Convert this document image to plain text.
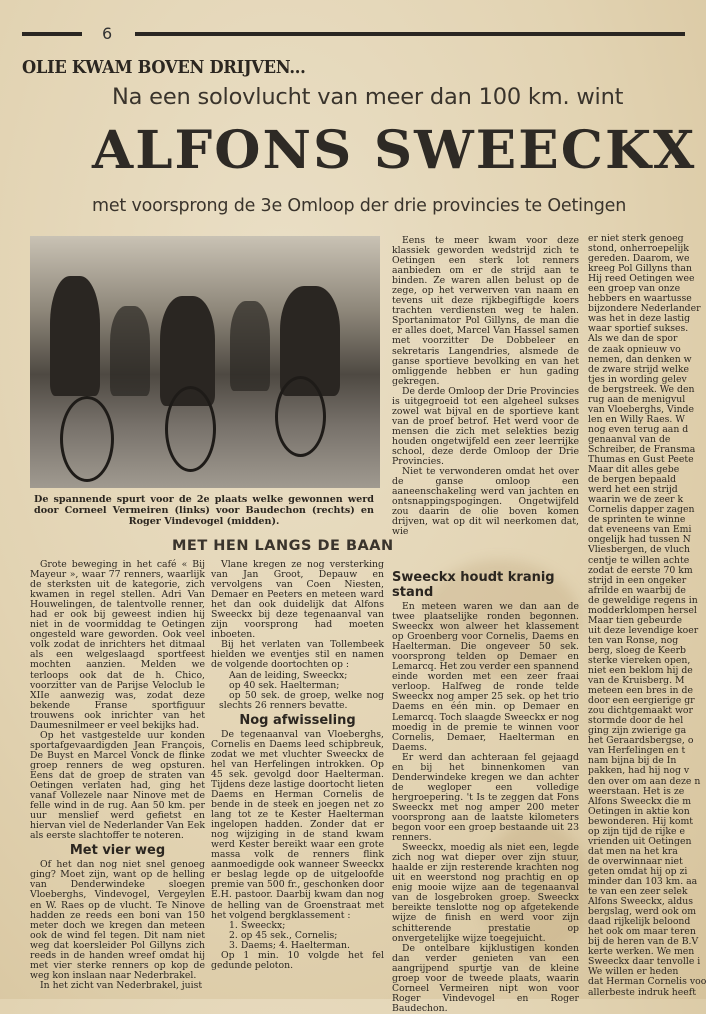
6
OLIE KWAM BOVEN DRIJVEN...
Na een solovlucht van meer dan 100 km. wint
ALFONS SWEECKX
met voorsprong de 3e Omloop der drie provincies te Oetingen
De spannende spurt voor de 2e plaats welke gewonnen werd door Corneel Vermeiren (links) voor Baudechon (rechts) en Roger Vindevogel (midden).
MET HEN LANGS DE BAAN

Grote beweging in het café « Bij Mayeur », waar 77 renners, waarlijk de sterksten uit de kategorie, zich kwamen in regel stellen. Adri Van Houwelingen, de talentvolle renner, had er ook bij geweest indien hij niet in de voormiddag te Oetingen ongesteld ware geworden. Ook veel volk zodat de inrichters het ditmaal als een welgeslaagd sportfeest mochten aanzien. Melden we terloops ook dat de h. Chico, voorzitter van de Parijse Veloclub le XIIe aanwezig was, zodat deze bekende Franse sportfiguur trouwens ook inrichter van het Daumesnilmeer er veel bekijks had.

Op het vastgestelde uur konden sportafgevaardigden Jean François, De Buyst en Marcel Vonck de flinke groep renners de weg opsturen. Eens dat de groep de straten van Oetingen verlaten had, ging het vanaf Vollezele naar Ninove met de felle wind in de rug. Aan 50 km. per uur menslief werd gefietst en hiervan viel de Nederlander Van Eek als eerste slachtoffer te noteren.

Met vier weg

Of het dan nog niet snel genoeg ging? Moet zijn, want op de helling van Denderwindeke sloegen Vloeberghs, Vindevogel, Vergeylen en W. Raes op de vlucht. Te Ninove hadden ze reeds een boni van 150 meter doch we kregen dan meteen ook de wind fel tegen. Dit nam niet weg dat koersleider Pol Gillyns zich reeds in de handen wreef omdat hij met vier sterke renners op kop de weg kon inslaan naar Nederbrakel.

In het zicht van Nederbrakel, juist

Vlane kregen ze nog versterking van Jan Groot, Depauw en vervolgens van Coen Niesten, Demaer en Peeters en meteen ward het dan ook duidelijk dat Alfons Sweeckx bij deze tegenaanval van zijn voorsprong had moeten inboeten.

Bij het verlaten van Tollembeek hielden we eventjes stil en namen de volgende doortochten op :

Aan de leiding, Sweeckx;

op 40 sek. Haelterman;

op 50 sek. de groep, welke nog slechts 26 renners bevatte.

Nog afwisseling

De tegenaanval van Vloeberghs, Cornelis en Daems leed schipbreuk, zodat we met vluchter Sweeckx de hel van Herfelingen introkken. Op 45 sek. gevolgd door Haelterman. Tijdens deze lastige doortocht lieten Daems en Herman Cornelis de bende in de steek en joegen net zo lang tot ze te Kester Haelterman ingelopen hadden. Zonder dat er nog wijziging in de stand kwam werd Kester bereikt waar een grote massa volk de renners flink aanmoedigde ook wanneer Sweeckx er beslag legde op de uitgeloofde premie van 500 fr., geschonken door E.H. pastoor. Daarbij kwam dan nog de helling van de Groenstraat met het volgend bergklassement :

1. Sweeckx;

2. op 45 sek., Cornelis;

3. Daems; 4. Haelterman.

Op 1 min. 10 volgde het fel gedunde peloton.

Eens te meer kwam voor deze klassiek geworden wedstrijd zich te Oetingen een sterk lot renners aanbieden om er de strijd aan te binden. Ze waren allen belust op de zege, op het verwerven van naam en tevens uit deze rijkbegiftigde koers trachten verdiensten weg te halen. Sportanimator Pol Gillyns, de man die er alles doet, Marcel Van Hassel samen met voorzitter De Dobbeleer en sekretaris Langendries, alsmede de ganse sportieve bevolking en van het omliggende hebben er hun gading gekregen.

De derde Omloop der Drie Provincies is uitgegroeid tot een algeheel sukses zowel wat bijval en de sportieve kant van de proef betrof. Het werd voor de mensen die zich met selekties bezig houden ongetwijfeld een zeer leerrijke school, deze derde Omloop der Drie Provincies.

Niet te verwonderen omdat het over de ganse omloop een aaneenschakeling werd van jachten en ontsnappingspogingen. Ongetwijfeld zou daarin de olie boven komen drijven, wat op dit wil neerkomen dat, wie

Sweeckx houdt kranig stand

En meteen waren we dan aan de twee plaatselijke ronden begonnen. Sweeckx won alweer het klassement op Groenberg voor Cornelis, Daems en Haelterman. Die ongeveer 50 sek. voorsprong telden op Demaer en Lemarcq. Het zou verder een spannend einde worden met een zeer fraai verloop. Halfweg de ronde telde Sweeckx nog amper 25 sek. op het trio Daems en één min. op Demaer en Lemarcq. Toch slaagde Sweeckx er nog moedig in de premie te winnen voor Cornelis, Demaer, Haelterman en Daems.

Er werd dan achteraan fel gejaagd en bij het binnenkomen van Denderwindeke kregen we dan achter de wegloper een volledige hergroepering. 't Is te zeggen dat Fons Sweeckx met nog amper 200 meter voorsprong aan de laatste kilometers begon voor een groep bestaande uit 23 renners.

Sweeckx, moedig als niet een, legde zich nog wat dieper over zijn stuur, haalde er zijn resterende krachten nog uit en weerstond nog prachtig en op enig mooie wijze aan de tegenaanval van de losgebroken groep. Sweeckx bereikte tenslotte nog op afgetekende wijze de finish en werd voor zijn schitterende prestatie op onvergetelijke wijze toegejuicht.

De ontelbare kijklustigen konden dan verder genieten van een aangrijpend spurtje van de kleine groep voor de tweede plaats, waarin Corneel Vermeiren nipt won voor Roger Vindevogel en Roger Baudechon.

er niet sterk genoeg
stond, onherroepelijk
gereden. Daarom, we
kreeg Pol Gillyns than
Hij reed Oetingen wee
een groep van onze
hebbers en waartusse
bijzondere Nederlander
was het in deze lastig
waar sportief sukses.
Als we dan de spor
de zaak opnieuw vo
nemen, dan denken w
de zware strijd welke
tjes in wording gelev
de bergstreek. We den
rug aan de menigvul
van Vloeberghs, Vinde
len en Willy Raes. W
nog even terug aan d
genaanval van de
Schreiber, de Fransma
Thumas en Gust Peete
Maar dit alles gebe
de bergen bepaald
werd het een strijd
waarin we de zeer k
Cornelis dapper zagen
de sprinten te winne
dat eveneens van Emi
ongelijk had tussen N
Vliesbergen, de vluch
centje te willen achte
zodat de eerste 70 km
strijd in een ongeker
afrilde en waarbij de
de geweldige regens in
modderklompen hersel
Maar tien gebeurde
uit deze levendige koer
ten van Ronse, nog
berg, sloeg de Keerb
sterke viereken open,
niet een beklom hij de
van de Kruisberg. M
meteen een bres in de
door een eergierige gr
zou dichtgemaakt wor
stormde door de hel
ging zijn zwierige ga
het Geraardsbergse, o
van Herfelingen en t
nam bijna bij de In
pakken, had hij nog v
den over om aan deze n
weerstaan. Het is ze
Alfons Sweeckx die m
Oetingen in aktie kon
bewonderen. Hij komt
op zijn tijd de rijke e
vrienden uit Oetingen
dat men na het kra
de overwinnaar niet
geten omdat hij op zi
minder dan 103 km. aa
te van een zeer selek
Alfons Sweeckx, aldus
bergslag, werd ook om
daad rijkelijk beloond
het ook om maar teren
bij de heren van de B.V
kerte werken. We men
Sweeckx daar tenvolle i
We willen er heden
dat Herman Cornelis voo
allerbeste indruk heeft
